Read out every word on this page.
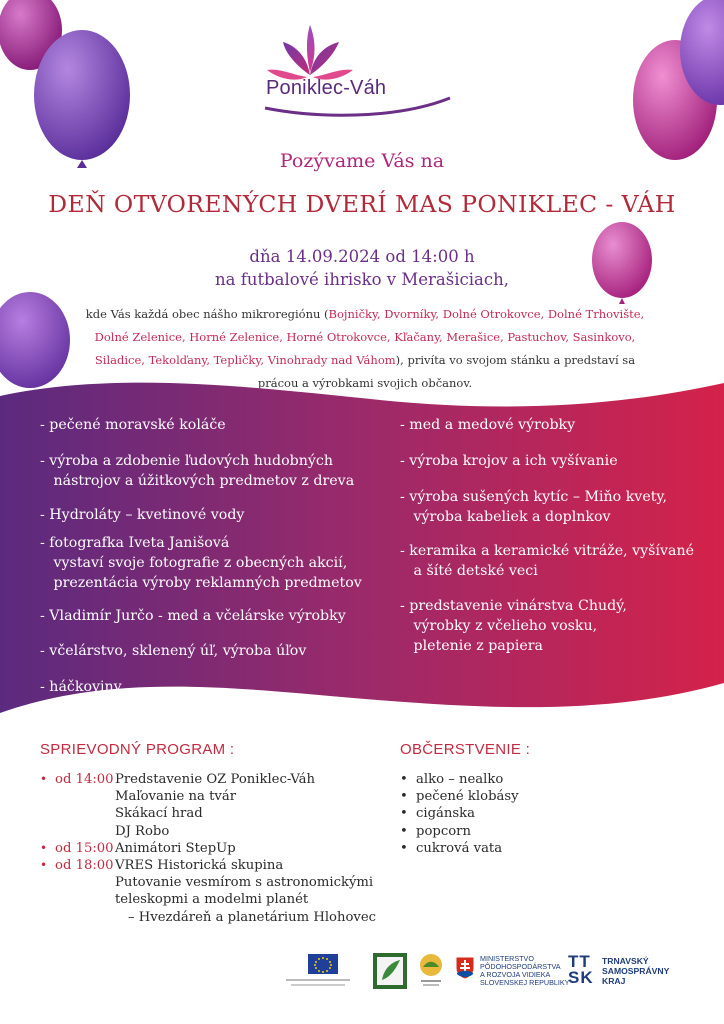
Poniklec-Váh
Pozývame Vás na
DEŇ OTVORENÝCH DVERÍ MAS PONIKLEC - VÁH
dňa 14.09.2024 od 14:00 h
na futbalové ihrisko v Merašiciach,
kde Vás každá obec nášho mikroregiónu (Bojničky, Dvorníky, Dolné Otrokovce, Dolné Trhovište, Dolné Zelenice, Horné Zelenice, Horné Otrokovce, Kľačany, Merašice, Pastuchov, Sasinkovo, Siladice, Tekolďany, Tepličky, Vinohrady nad Váhom), privíta vo svojom stánku a predstaví sa prácou a výrobkami svojich občanov.
- pečené moravské koláče
- výroba a zdobenie ľudových hudobných
nástrojov a úžitkových predmetov z dreva
- Hydroláty – kvetinové vody
- fotografka Iveta Janišová
vystaví svoje fotografie z obecných akcií,
prezentácia výroby reklamných predmetov
- Vladimír Jurčo - med a včelárske výrobky
- včelárstvo, sklenený úľ, výroba úľov
- háčkoviny
- med a medové výrobky
- výroba krojov a ich vyšívanie
- výroba sušených kytíc – Miňo kvety,
výroba kabeliek a doplnkov
- keramika a keramické vitráže, vyšívané
a šíté detské veci
- predstavenie vinárstva Chudý,
výrobky z včelieho vosku,
pletenie z papiera
SPRIEVODNÝ PROGRAM :
• od 14:00 Predstavenie OZ Poniklec-Váh
Maľovanie na tvár
Skákací hrad
DJ Robo
• od 15:00 Animátori StepUp
• od 18:00 VRES Historická skupina
Putovanie vesmírom s astronomickými
teleskopmi a modelmi planét
– Hvezdáreň a planetárium Hlohovec
OBČERSTVENIE :
• alko – nealko
• pečené klobásy
• cigánska
• popcorn
• cukrová vata
MINISTERSTVO
PÔDOHOSPODÁRSTVA
A ROZVOJA VIDIEKA
SLOVENSKEJ REPUBLIKY
TT
SK
TRNAVSKÝ
SAMOSPRÁVNY
KRAJ
